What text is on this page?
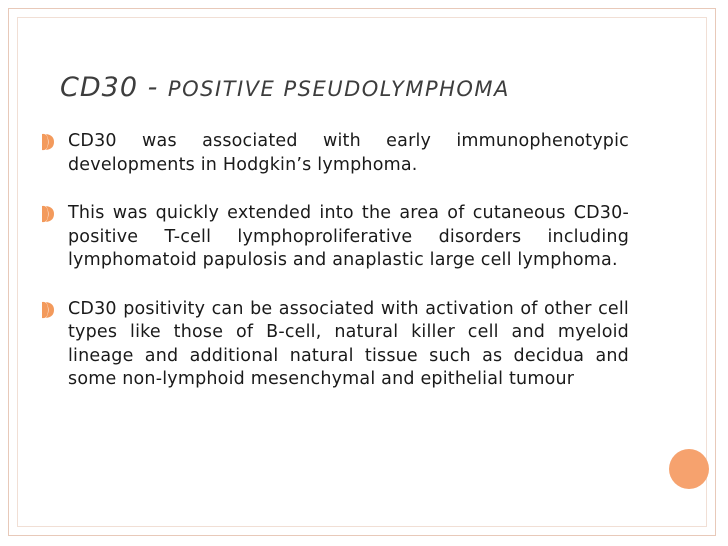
CD30 - POSITIVE PSEUDOLYMPHOMA
CD30 was associated with early immunophenotypic developments in Hodgkin’s lymphoma.
This was quickly extended into the area of cutaneous CD30-positive T-cell lymphoproliferative disorders including lymphomatoid papulosis and anaplastic large cell lymphoma.
CD30 positivity can be associated with activation of other cell types like those of B-cell, natural killer cell and myeloid lineage and additional natural tissue such as decidua and some non-lymphoid mesenchymal and epithelial tumour
